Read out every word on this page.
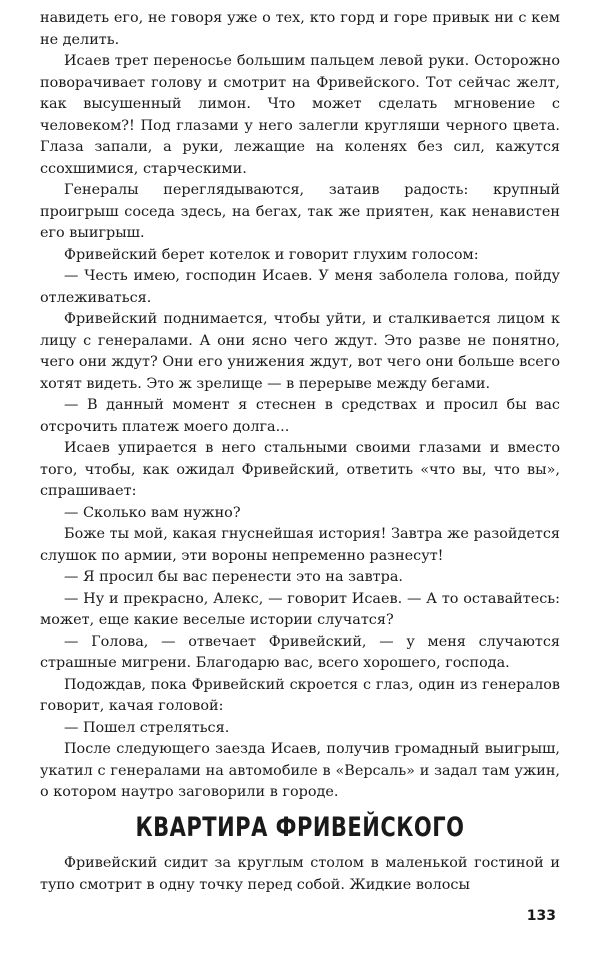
навидеть его, не говоря уже о тех, кто горд и горе привык ни с кем не делить.

Исаев трет переносье большим пальцем левой руки. Осторожно поворачивает голову и смотрит на Фривейского. Тот сейчас желт, как высушенный лимон. Что может сделать мгновение с человеком?! Под глазами у него залегли кругляши черного цвета. Глаза запали, а руки, лежащие на коленях без сил, кажутся ссохшимися, старческими.

Генералы переглядываются, затаив радость: крупный проигрыш соседа здесь, на бегах, так же приятен, как ненавистен его выигрыш.

Фривейский берет котелок и говорит глухим голосом:

— Честь имею, господин Исаев. У меня заболела голова, пойду отлеживаться.

Фривейский поднимается, чтобы уйти, и сталкивается лицом к лицу с генералами. А они ясно чего ждут. Это разве не понятно, чего они ждут? Они его унижения ждут, вот чего они больше всего хотят видеть. Это ж зрелище — в перерыве между бегами.

— В данный момент я стеснен в средствах и просил бы вас отсрочить платеж моего долга...

Исаев упирается в него стальными своими глазами и вместо того, чтобы, как ожидал Фривейский, ответить «что вы, что вы», спрашивает:

— Сколько вам нужно?

Боже ты мой, какая гнуснейшая история! Завтра же разойдется слушок по армии, эти вороны непременно разнесут!

— Я просил бы вас перенести это на завтра.

— Ну и прекрасно, Алекс, — говорит Исаев. — А то оставайтесь: может, еще какие веселые истории случатся?

— Голова, — отвечает Фривейский, — у меня случаются страшные мигрени. Благодарю вас, всего хорошего, господа.

Подождав, пока Фривейский скроется с глаз, один из генералов говорит, качая головой:

— Пошел стреляться.

После следующего заезда Исаев, получив громадный выигрыш, укатил с генералами на автомобиле в «Версаль» и задал там ужин, о котором наутро заговорили в городе.

КВАРТИРА ФРИВЕЙСКОГО

Фривейский сидит за круглым столом в маленькой гостиной и тупо смотрит в одну точку перед собой. Жидкие волосы

133
